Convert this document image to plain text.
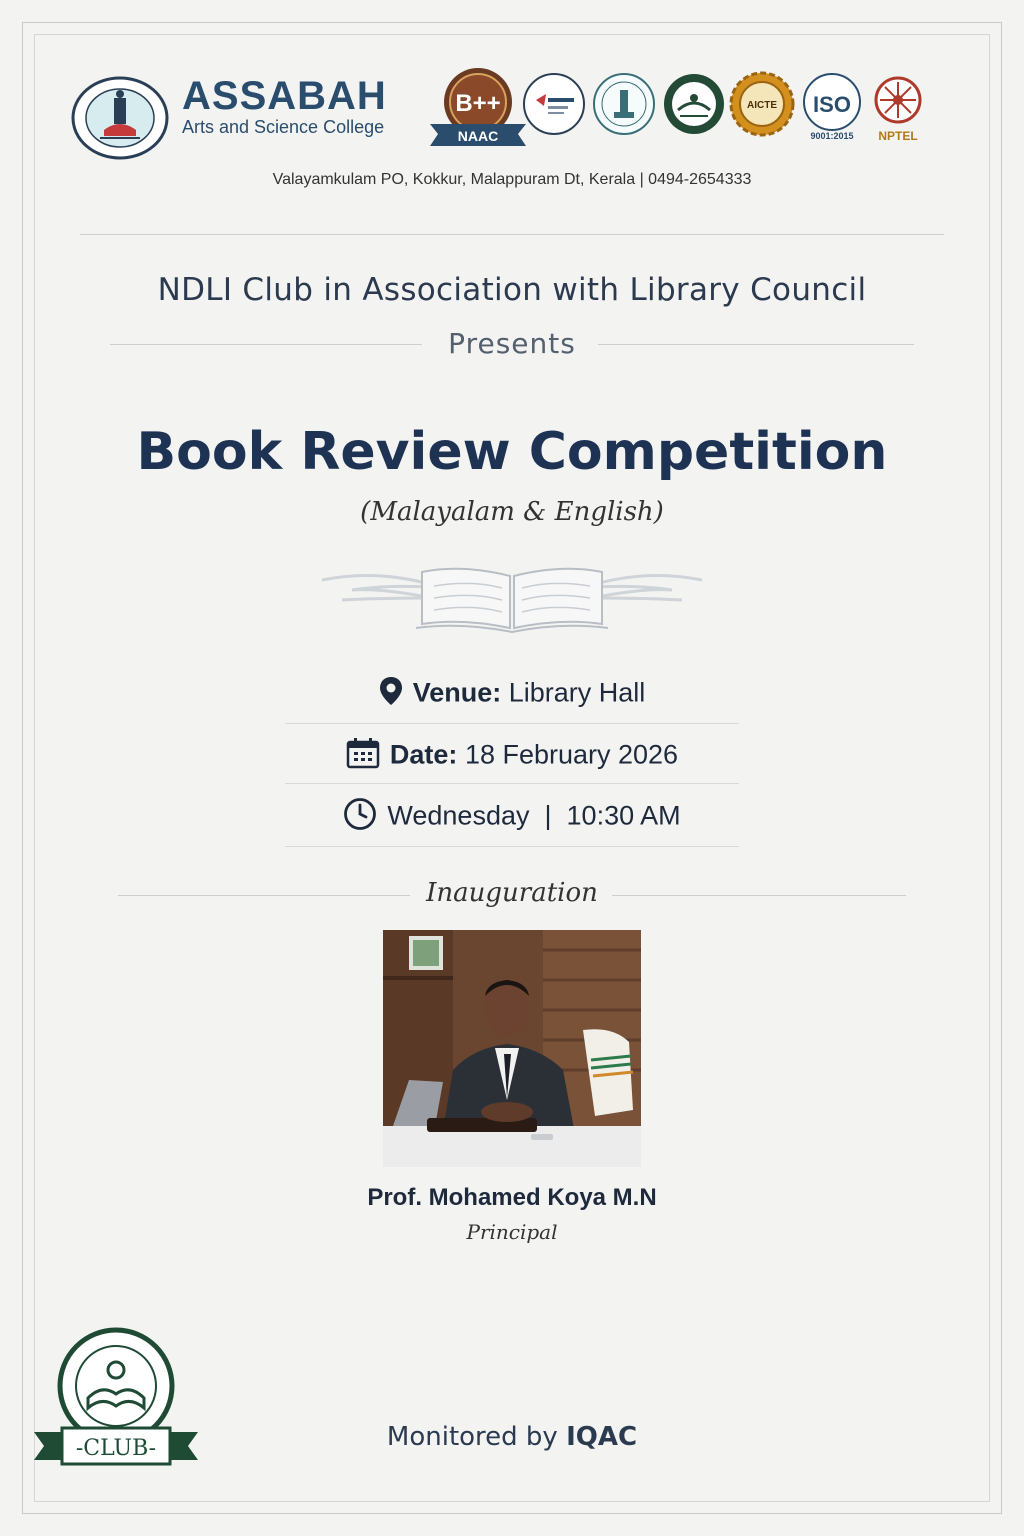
ASSABAH
Arts and Science College
B++
NAAC
AICTE ISO
9001:2015 NPTEL
Valayamkulam PO, Kokkur, Malappuram Dt, Kerala | 0494-2654333
NDLI Club in Association with Library Council
Presents
Book Review Competition
(Malayalam & English)
Venue: Library Hall
Date: 18 February 2026
Wednesday | 10:30 AM
Inauguration
Prof. Mohamed Koya M.N
Principal
-CLUB-	Monitored by IQAC
